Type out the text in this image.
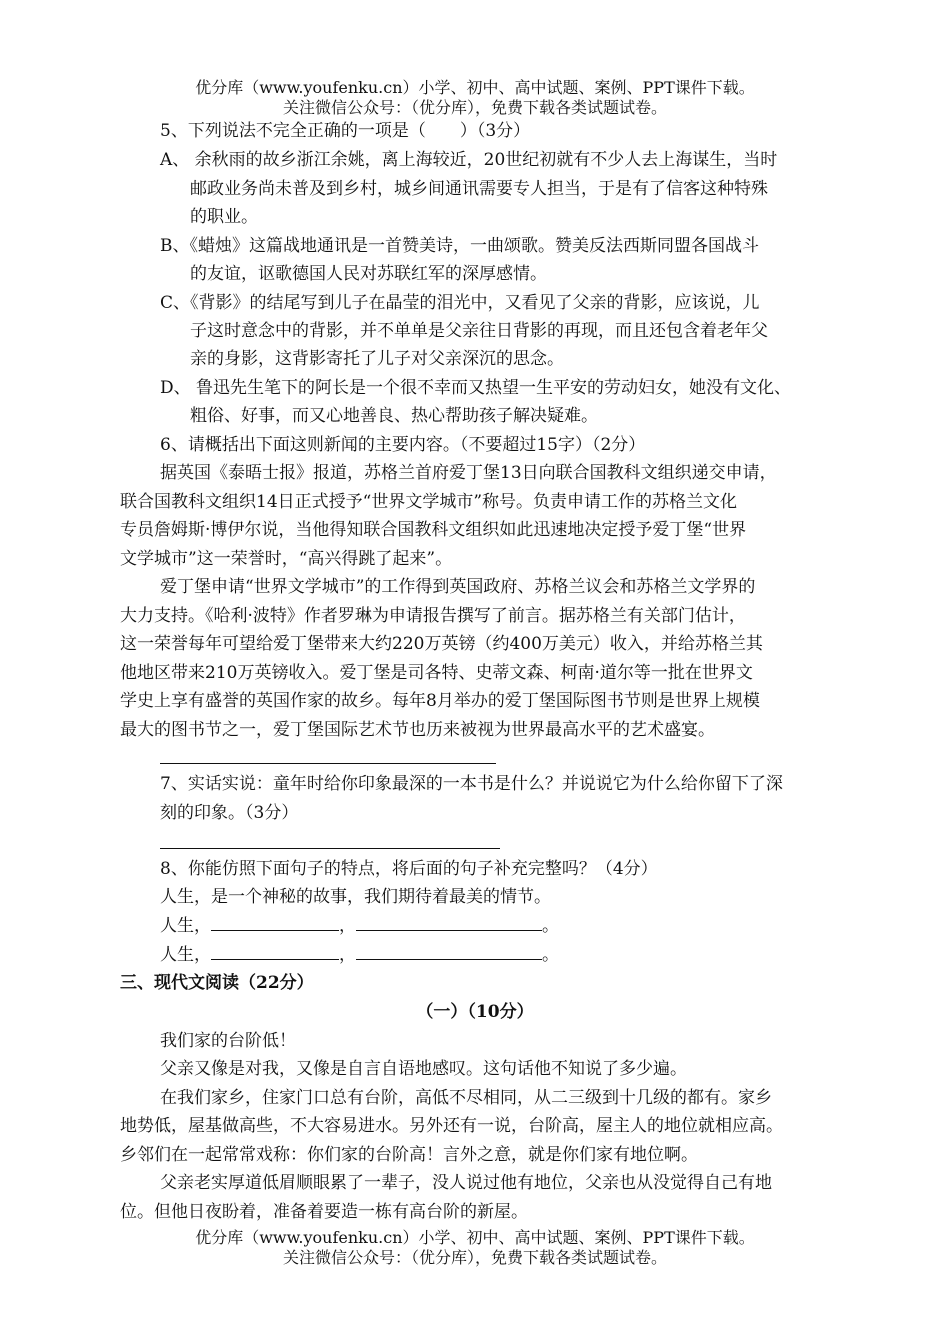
优分库（www.youfenku.cn）小学、初中、高中试题、案例、PPT课件下载。
关注微信公众号：（优分库），免费下载各类试题试卷。
5、下列说法不完全正确的一项是（　　）（3分）
A、 余秋雨的故乡浙江余姚，离上海较近，20世纪初就有不少人去上海谋生，当时
邮政业务尚未普及到乡村，城乡间通讯需要专人担当，于是有了信客这种特殊
的职业。
B、《蜡烛》这篇战地通讯是一首赞美诗，一曲颂歌。赞美反法西斯同盟各国战斗
的友谊，讴歌德国人民对苏联红军的深厚感情。
C、《背影》的结尾写到儿子在晶莹的泪光中，又看见了父亲的背影，应该说，儿
子这时意念中的背影，并不单单是父亲往日背影的再现，而且还包含着老年父
亲的身影，这背影寄托了儿子对父亲深沉的思念。
D、 鲁迅先生笔下的阿长是一个很不幸而又热望一生平安的劳动妇女，她没有文化、
粗俗、好事，而又心地善良、热心帮助孩子解决疑难。
6、请概括出下面这则新闻的主要内容。（不要超过15字）（2分）
据英国《泰晤士报》报道，苏格兰首府爱丁堡13日向联合国教科文组织递交申请，
联合国教科文组织14日正式授予“世界文学城市”称号。负责申请工作的苏格兰文化
专员詹姆斯·博伊尔说，当他得知联合国教科文组织如此迅速地决定授予爱丁堡“世界
文学城市”这一荣誉时，“高兴得跳了起来”。
爱丁堡申请“世界文学城市”的工作得到英国政府、苏格兰议会和苏格兰文学界的
大力支持。《哈利·波特》作者罗琳为申请报告撰写了前言。据苏格兰有关部门估计，
这一荣誉每年可望给爱丁堡带来大约220万英镑（约400万美元）收入，并给苏格兰其
他地区带来210万英镑收入。爱丁堡是司各特、史蒂文森、柯南·道尔等一批在世界文
学史上享有盛誉的英国作家的故乡。每年8月举办的爱丁堡国际图书节则是世界上规模
最大的图书节之一，爱丁堡国际艺术节也历来被视为世界最高水平的艺术盛宴。
7、实话实说：童年时给你印象最深的一本书是什么？并说说它为什么给你留下了深
刻的印象。（3分）
8、你能仿照下面句子的特点，将后面的句子补充完整吗？（4分）
人生，是一个神秘的故事，我们期待着最美的情节。
人生，	，	。
人生，	，	。
三、现代文阅读（22分）
（一）（10分）
我们家的台阶低！
父亲又像是对我，又像是自言自语地感叹。这句话他不知说了多少遍。
在我们家乡，住家门口总有台阶，高低不尽相同，从二三级到十几级的都有。家乡
地势低，屋基做高些，不大容易进水。另外还有一说，台阶高，屋主人的地位就相应高。
乡邻们在一起常常戏称：你们家的台阶高！言外之意，就是你们家有地位啊。
父亲老实厚道低眉顺眼累了一辈子，没人说过他有地位，父亲也从没觉得自己有地
位。但他日夜盼着，准备着要造一栋有高台阶的新屋。
优分库（www.youfenku.cn）小学、初中、高中试题、案例、PPT课件下载。
关注微信公众号：（优分库），免费下载各类试题试卷。
